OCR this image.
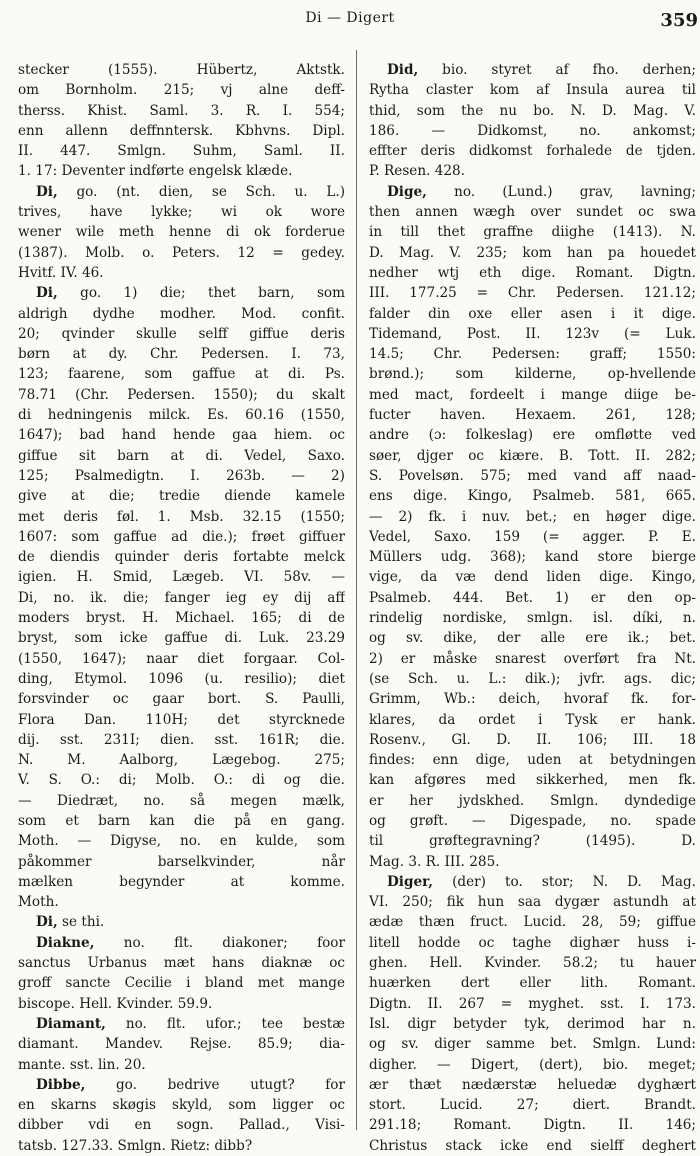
Di — Digert	359
stecker (1555). Hübertz, Aktstk.
om Bornholm. 215; vj alne deff-
therss. Khist. Saml. 3. R. I. 554;
enn allenn deffnntersk. Kbhvns. Dipl.
II. 447. Smlgn. Suhm, Saml. II.
1. 17: Deventer indførte engelsk klæde.
Di, go. (nt. dien, se Sch. u. L.)
trives, have lykke; wi ok wore
wener wile meth henne di ok forderue
(1387). Molb. o. Peters. 12 = gedey.
Hvitf. IV. 46.
Di, go. 1) die; thet barn, som
aldrigh dydhe modher. Mod. confit.
20; qvinder skulle selff giffue deris
børn at dy. Chr. Pedersen. I. 73,
123; faarene, som gaffue at di. Ps.
78.71 (Chr. Pedersen. 1550); du skalt
di hedningenis milck. Es. 60.16 (1550,
1647); bad hand hende gaa hiem. oc
giffue sit barn at di. Vedel, Saxo.
125; Psalmedigtn. I. 263b. — 2)
give at die; tredie diende kamele
met deris føl. 1. Msb. 32.15 (1550;
1607: som gaffue ad die.); frøet giffuer
de diendis quinder deris fortabte melck
igien. H. Smid, Lægeb. VI. 58v. —
Di, no. ik. die; fanger ieg ey dij aff
moders bryst. H. Michael. 165; di de
bryst, som icke gaffue di. Luk. 23.29
(1550, 1647); naar diet forgaar. Col-
ding, Etymol. 1096 (u. resilio); diet
forsvinder oc gaar bort. S. Paulli,
Flora Dan. 110H; det styrcknede
dij. sst. 231I; dien. sst. 161R; die.
N. M. Aalborg, Lægebog. 275;
V. S. O.: di; Molb. O.: di og die.
— Diedræt, no. så megen mælk,
som et barn kan die på en gang.
Moth. — Digyse, no. en kulde, som
påkommer barselkvinder, når
mælken begynder at komme.
Moth.
Di, se thi.
Diakne, no. flt. diakoner; foor
sanctus Urbanus mæt hans diaknæ oc
groff sancte Cecilie i bland met mange
biscope. Hell. Kvinder. 59.9.
Diamant, no. flt. ufor.; tee bestæ
diamant. Mandev. Rejse. 85.9; dia-
mante. sst. lin. 20.
Dibbe, go. bedrive utugt? for
en skarns skøgis skyld, som ligger oc
dibber vdi en sogn. Pallad., Visi-
tatsb. 127.33. Smlgn. Rietz: dibb?
Did, bio. styret af fho. derhen;
Rytha claster kom af Insula aurea til
thid, som the nu bo. N. D. Mag. V.
186. — Didkomst, no. ankomst;
effter deris didkomst forhalede de tjden.
P. Resen. 428.
Dige, no. (Lund.) grav, lavning;
then annen wægh over sundet oc swa
in till thet graffne diighe (1413). N.
D. Mag. V. 235; kom han pa houedet
nedher wtj eth dige. Romant. Digtn.
III. 177.25 = Chr. Pedersen. 121.12;
falder din oxe eller asen i it dige.
Tidemand, Post. II. 123v (= Luk.
14.5; Chr. Pedersen: graff; 1550:
brønd.); som kilderne, op-hvellende
med mact, fordeelt i mange diige be-
fucter haven. Hexaem. 261, 128;
andre (ɔ: folkeslag) ere omfløtte ved
søer, djger oc kiære. B. Tott. II. 282;
S. Povelsøn. 575; med vand aff naad-
ens dige. Kingo, Psalmeb. 581, 665.
— 2) fk. i nuv. bet.; en høger dige.
Vedel, Saxo. 159 (= agger. P. E.
Müllers udg. 368); kand store bierge
vige, da væ dend liden dige. Kingo,
Psalmeb. 444. Bet. 1) er den op-
rindelig nordiske, smlgn. isl. díki, n.
og sv. dike, der alle ere ik.; bet.
2) er måske snarest overført fra Nt.
(se Sch. u. L.: dik.); jvfr. ags. dic;
Grimm, Wb.: deich, hvoraf fk. for-
klares, da ordet i Tysk er hank.
Rosenv., Gl. D. II. 106; III. 18
findes: enn dige, uden at betydningen
kan afgøres med sikkerhed, men fk.
er her jydskhed. Smlgn. dyndedige
og grøft. — Digespade, no. spade
til grøftegravning? (1495). D.
Mag. 3. R. III. 285.
Diger, (der) to. stor; N. D. Mag.
VI. 250; fik hun saa dygær astundh at
ædæ thæn fruct. Lucid. 28, 59; giffue
litell hodde oc taghe dighær huss i-
ghen. Hell. Kvinder. 58.2; tu hauer
huærken dert eller lith. Romant.
Digtn. II. 267 = myghet. sst. I. 173.
Isl. digr betyder tyk, derimod har n.
og sv. diger samme bet. Smlgn. Lund:
digher. — Digert, (dert), bio. meget;
ær thæt nædærstæ heluedæ dyghært
stort. Lucid. 27; diert. Brandt.
291.18; Romant. Digtn. II. 146;
Christus stack icke end sielff deghert
